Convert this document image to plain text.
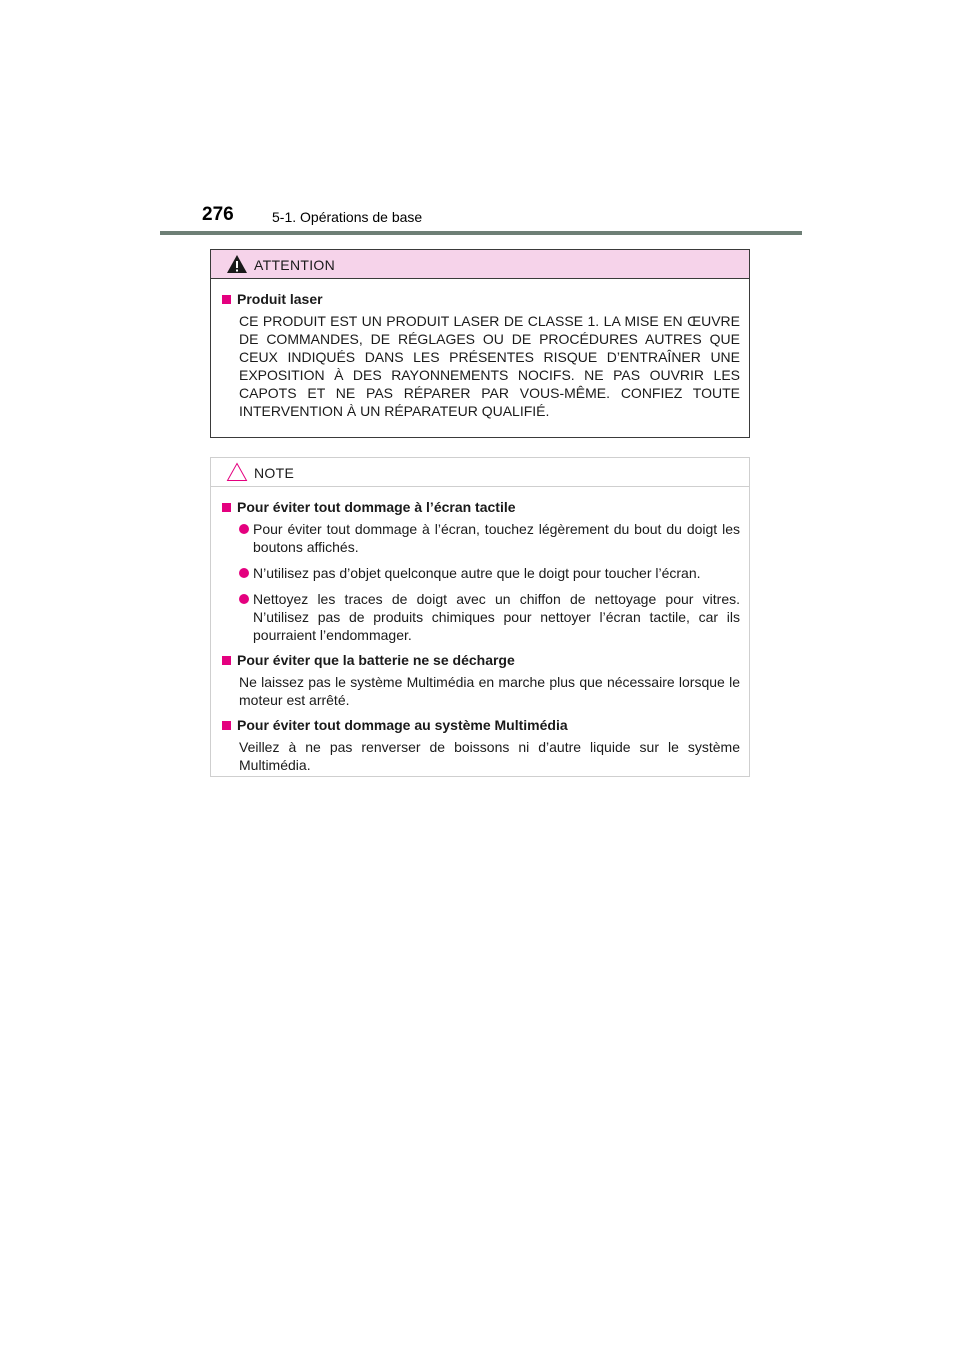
276	5-1. Opérations de base
ATTENTION
Produit laser
CE PRODUIT EST UN PRODUIT LASER DE CLASSE 1. LA MISE EN ŒUVRE DE COMMANDES, DE RÉGLAGES OU DE PROCÉDURES AUTRES QUE CEUX INDIQUÉS DANS LES PRÉSENTES RISQUE D’ENTRAÎNER UNE EXPOSITION À DES RAYONNEMENTS NOCIFS. NE PAS OUVRIR LES CAPOTS ET NE PAS RÉPARER PAR VOUS-MÊME. CONFIEZ TOUTE INTERVENTION À UN RÉPARATEUR QUALIFIÉ.
NOTE
Pour éviter tout dommage à l’écran tactile
Pour éviter tout dommage à l’écran, touchez légèrement du bout du doigt les boutons affichés.
N’utilisez pas d’objet quelconque autre que le doigt pour toucher l’écran.
Nettoyez les traces de doigt avec un chiffon de nettoyage pour vitres. N’utilisez pas de produits chimiques pour nettoyer l’écran tactile, car ils pourraient l’endommager.
Pour éviter que la batterie ne se décharge
Ne laissez pas le système Multimédia en marche plus que nécessaire lorsque le moteur est arrêté.
Pour éviter tout dommage au système Multimédia
Veillez à ne pas renverser de boissons ni d’autre liquide sur le système Multimédia.
